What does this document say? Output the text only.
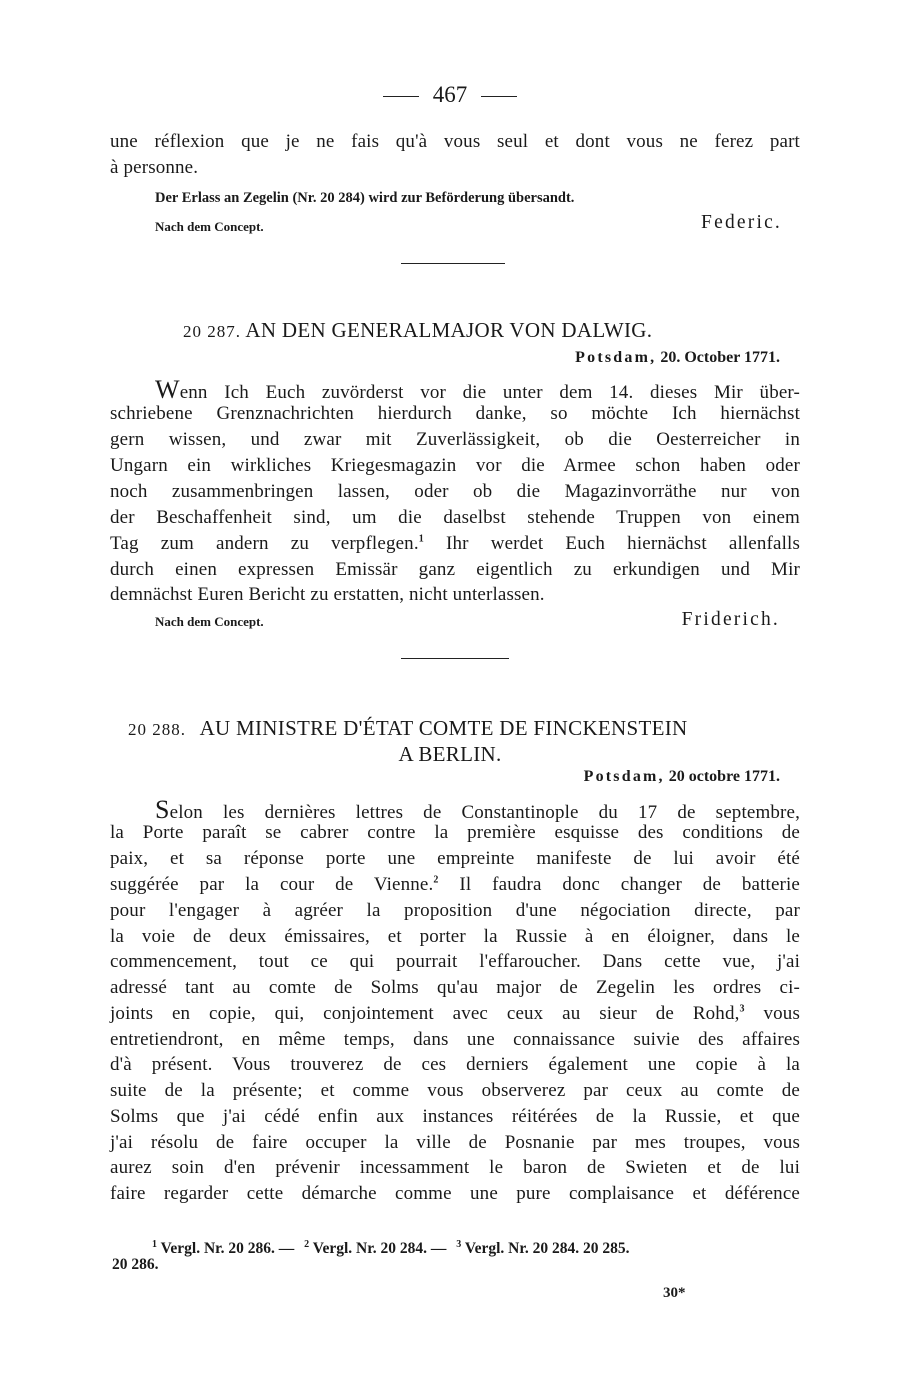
467
une réflexion que je ne fais qu'à vous seul et dont vous ne ferez part
à personne.
Der Erlass an Zegelin (Nr. 20 284) wird zur Beförderung übersandt.
Nach dem Concept.	Federic.
20 287. AN DEN GENERALMAJOR VON DALWIG.
Potsdam, 20. October 1771.
Wenn Ich Euch zuvörderst vor die unter dem 14. dieses Mir über-
schriebene Grenznachrichten hierdurch danke, so möchte Ich hiernächst
gern wissen, und zwar mit Zuverlässigkeit, ob die Oesterreicher in
Ungarn ein wirkliches Kriegesmagazin vor die Armee schon haben oder
noch zusammenbringen lassen, oder ob die Magazinvorräthe nur von
der Beschaffenheit sind, um die daselbst stehende Truppen von einem
Tag zum andern zu verpflegen.$^1$ Ihr werdet Euch hiernächst allenfalls
durch einen expressen Emissär ganz eigentlich zu erkundigen und Mir
demnächst Euren Bericht zu erstatten, nicht unterlassen.
Nach dem Concept.	Friderich.
20 288. AU MINISTRE D'ÉTAT COMTE DE FINCKENSTEIN
A BERLIN.
Potsdam, 20 octobre 1771.
Selon les dernières lettres de Constantinople du 17 de septembre,
la Porte paraît se cabrer contre la première esquisse des conditions de
paix, et sa réponse porte une empreinte manifeste de lui avoir été
suggérée par la cour de Vienne.$^2$ Il faudra donc changer de batterie
pour l'engager à agréer la proposition d'une négociation directe, par
la voie de deux émissaires, et porter la Russie à en éloigner, dans le
commencement, tout ce qui pourrait l'effaroucher. Dans cette vue, j'ai
adressé tant au comte de Solms qu'au major de Zegelin les ordres ci-
joints en copie, qui, conjointement avec ceux au sieur de Rohd,$^3$ vous
entretiendront, en même temps, dans une connaissance suivie des affaires
d'à présent. Vous trouverez de ces derniers également une copie à la
suite de la présente; et comme vous observerez par ceux au comte de
Solms que j'ai cédé enfin aux instances réitérées de la Russie, et que
j'ai résolu de faire occuper la ville de Posnanie par mes troupes, vous
aurez soin d'en prévenir incessamment le baron de Swieten et de lui
faire regarder cette démarche comme une pure complaisance et déférence
$^1$ Vergl. Nr. 20 286. — $^2$ Vergl. Nr. 20 284. — $^3$ Vergl. Nr. 20 284. 20 285.
20 286.
30*
